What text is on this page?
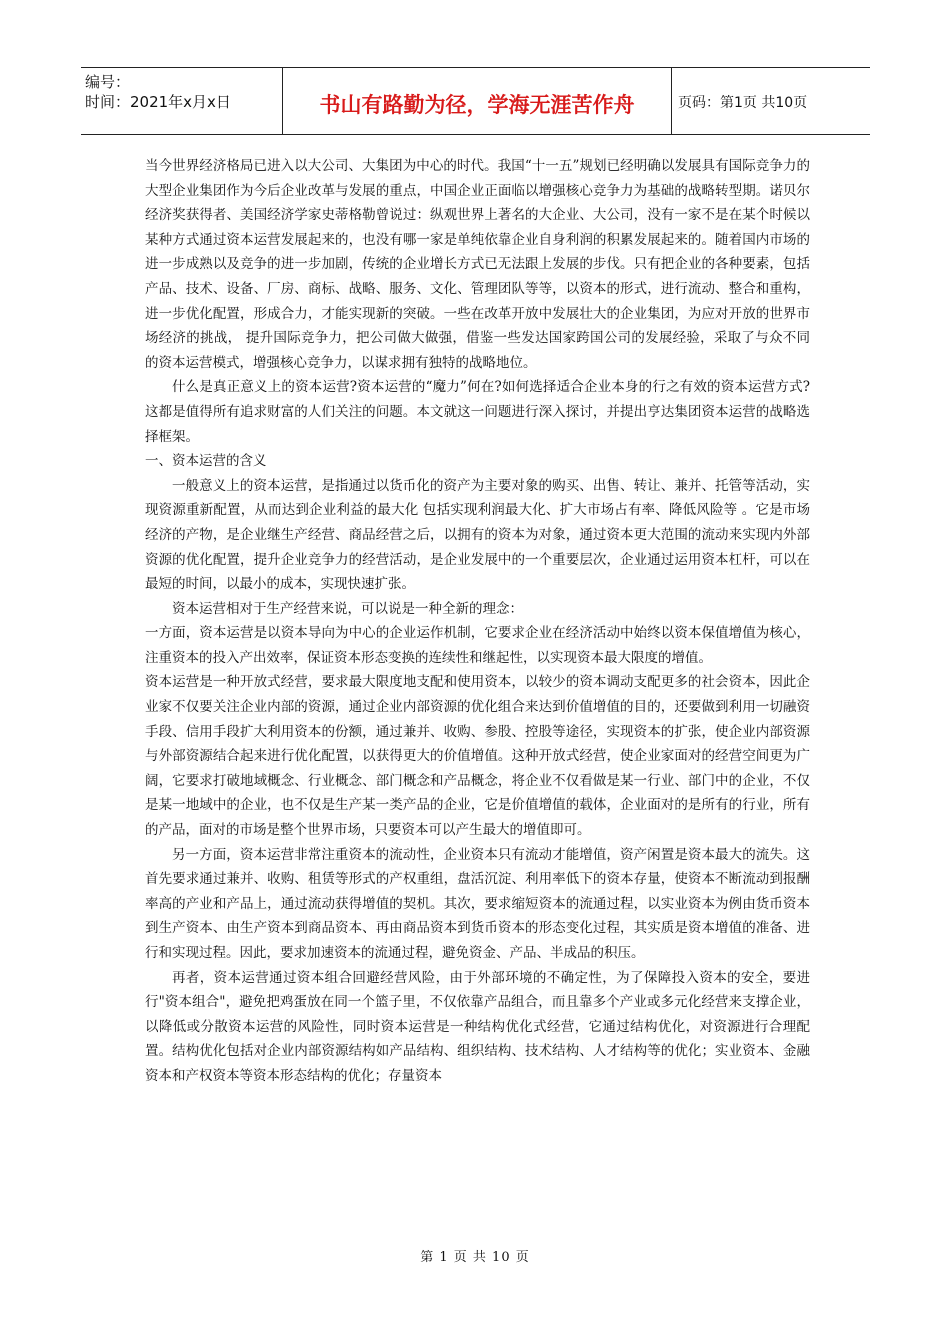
编号：
时间：2021年x月x日	书山有路勤为径，学海无涯苦作舟	页码：第1页 共10页

当今世界经济格局已进入以大公司、大集团为中心的时代。我国“十一五”规划已经明确以发展具有国际竞争力的大型企业集团作为今后企业改革与发展的重点，中国企业正面临以增强核心竞争力为基础的战略转型期。诺贝尔经济奖获得者、美国经济学家史蒂格勒曾说过：纵观世界上著名的大企业、大公司，没有一家不是在某个时候以某种方式通过资本运营发展起来的，也没有哪一家是单纯依靠企业自身利润的积累发展起来的。随着国内市场的进一步成熟以及竞争的进一步加剧，传统的企业增长方式已无法跟上发展的步伐。只有把企业的各种要素，包括产品、技术、设备、厂房、商标、战略、服务、文化、管理团队等等，以资本的形式，进行流动、整合和重构，进一步优化配置，形成合力，才能实现新的突破。一些在改革开放中发展壮大的企业集团，为应对开放的世界市场经济的挑战， 提升国际竞争力，把公司做大做强，借鉴一些发达国家跨国公司的发展经验，采取了与众不同的资本运营模式，增强核心竞争力，以谋求拥有独特的战略地位。

什么是真正意义上的资本运营?资本运营的“魔力”何在?如何选择适合企业本身的行之有效的资本运营方式?这都是值得所有追求财富的人们关注的问题。本文就这一问题进行深入探讨，并提出亨达集团资本运营的战略选择框架。

一、资本运营的含义

一般意义上的资本运营，是指通过以货币化的资产为主要对象的购买、出售、转让、兼并、托管等活动，实现资源重新配置，从而达到企业利益的最大化 包括实现利润最大化、扩大市场占有率、降低风险等 。它是市场经济的产物，是企业继生产经营、商品经营之后，以拥有的资本为对象，通过资本更大范围的流动来实现内外部资源的优化配置，提升企业竞争力的经营活动，是企业发展中的一个重要层次，企业通过运用资本杠杆，可以在最短的时间，以最小的成本，实现快速扩张。

资本运营相对于生产经营来说，可以说是一种全新的理念：

一方面，资本运营是以资本导向为中心的企业运作机制，它要求企业在经济活动中始终以资本保值增值为核心，注重资本的投入产出效率，保证资本形态变换的连续性和继起性，以实现资本最大限度的增值。

资本运营是一种开放式经营，要求最大限度地支配和使用资本，以较少的资本调动支配更多的社会资本，因此企业家不仅要关注企业内部的资源，通过企业内部资源的优化组合来达到价值增值的目的，还要做到利用一切融资手段、信用手段扩大利用资本的份额，通过兼并、收购、参股、控股等途径，实现资本的扩张，使企业内部资源与外部资源结合起来进行优化配置，以获得更大的价值增值。这种开放式经营，使企业家面对的经营空间更为广阔，它要求打破地域概念、行业概念、部门概念和产品概念，将企业不仅看做是某一行业、部门中的企业，不仅是某一地域中的企业，也不仅是生产某一类产品的企业，它是价值增值的载体，企业面对的是所有的行业，所有的产品，面对的市场是整个世界市场，只要资本可以产生最大的增值即可。

另一方面，资本运营非常注重资本的流动性，企业资本只有流动才能增值，资产闲置是资本最大的流失。这首先要求通过兼并、收购、租赁等形式的产权重组，盘活沉淀、利用率低下的资本存量，使资本不断流动到报酬率高的产业和产品上，通过流动获得增值的契机。其次，要求缩短资本的流通过程，以实业资本为例由货币资本到生产资本、由生产资本到商品资本、再由商品资本到货币资本的形态变化过程，其实质是资本增值的准备、进行和实现过程。因此，要求加速资本的流通过程，避免资金、产品、半成品的积压。

再者，资本运营通过资本组合回避经营风险，由于外部环境的不确定性，为了保障投入资本的安全，要进行"资本组合"，避免把鸡蛋放在同一个篮子里，不仅依靠产品组合，而且靠多个产业或多元化经营来支撑企业，以降低或分散资本运营的风险性，同时资本运营是一种结构优化式经营，它通过结构优化，对资源进行合理配置。结构优化包括对企业内部资源结构如产品结构、组织结构、技术结构、人才结构等的优化；实业资本、金融资本和产权资本等资本形态结构的优化；存量资本

第 1 页 共 10 页
